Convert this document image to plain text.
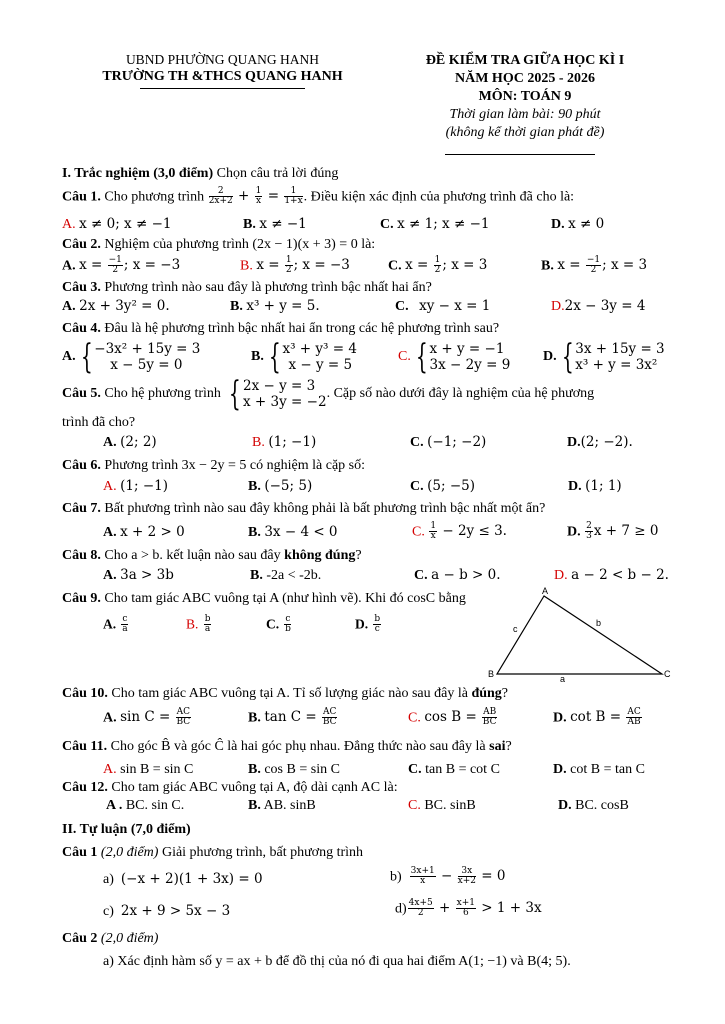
UBND PHƯỜNG QUANG HANH
TRƯỜNG TH &THCS QUANG HANH
ĐỀ KIỂM TRA GIỮA HỌC KÌ I
NĂM HỌC 2025 - 2026
MÔN: TOÁN 9
Thời gian làm bài: 90 phút
(không kể thời gian phát đề)
I. Trắc nghiệm (3,0 điểm) Chọn câu trả lời đúng
Câu 1. Cho phương trình $\frac{2}{2x+2} + \frac{1}{x} = \frac{1}{1+x}$ . Điều kiện xác định của phương trình đã cho là:
A. x ≠ 0; x ≠ −1	B. x ≠ −1	C. x ≠ 1; x ≠ −1	D. x ≠ 0
Câu 2. Nghiệm của phương trình (2x − 1)(x + 3) = 0 là:
A. $x = \frac{-1}{2}$ ; x = −3	B. $x = \frac{1}{2}$ ; x = −3	C. $x = \frac{1}{2}$ ; x = 3	B. $x = \frac{-1}{2}$ ; x = 3
Câu 3. Phương trình nào sau đây là phương trình bậc nhất hai ẩn?
A. 2x + 3y² = 0.	B. x³ + y = 5.	C. xy − x = 1	D.2x − 3y = 4
Câu 4. Đâu là hệ phương trình bậc nhất hai ẩn trong các hệ phương trình sau?
A. { −3x² + 15y = 3
x − 5y = 0
B. { x³ + y³ = 4
x − y = 5
C. { x + y = −1
3x − 2y = 9
D. { 3x + 15y = 3
x³ + y = 3x²
Câu 5. Cho hệ phương trình { 2x − y = 3
x + 3y = −2
. Cặp số nào dưới đây là nghiệm của hệ phương
trình đã cho?
A. (2; 2)	B. (1; −1)	C. (−1; −2)	D.(2; −2).
Câu 6. Phương trình 3x − 2y = 5 có nghiệm là cặp số:
A. (1; −1)	B. (−5; 5)	C. (5; −5)	D. (1; 1)
Câu 7. Bất phương trình nào sau đây không phải là bất phương trình bậc nhất một ẩn?
A. x + 2 > 0	B. 3x − 4 < 0	C. $\frac{1}{x} - 2y \le 3$.	D. $\frac{2}{3}$ x + 7 ≥ 0
Câu 8. Cho a > b. kết luận nào sau đây không đúng?
A. 3a > 3b	B. -2a < -2b.	C. a − b > 0.	D. a − 2 < b − 2.
Câu 9. Cho tam giác ABC vuông tại A (như hình vẽ). Khi đó cosC bằng
A. $\frac{c}{a}$	B. $\frac{b}{a}$	C. $\frac{c}{b}$	D. $\frac{b}{c}$
A
B	C
c
b
a
Câu 10. Cho tam giác ABC vuông tại A. Tỉ số lượng giác nào sau đây là đúng?
A. $\sin C = \frac{AC}{BC}$	B. $\tan C = \frac{AC}{BC}$	C. $\cos B = \frac{AB}{BC}$	D. $\cot B = \frac{AC}{AB}$
Câu 11. Cho góc B̂ và góc Ĉ là hai góc phụ nhau. Đẳng thức nào sau đây là sai?
A. sin B = sin C	B. cos B = sin C	C. tan B = cot C	D. cot B = tan C
Câu 12. Cho tam giác ABC vuông tại A, độ dài cạnh AC là:
A . BC. sin C.	B. AB. sinB	C. BC. sinB	D. BC. cosB
II. Tự luận (7,0 điểm)
Câu 1 (2,0 điểm) Giải phương trình, bất phương trình
a) (−x + 2)(1 + 3x) = 0	$b) \frac{3x+1}{x} - \frac{3x}{x+2} = 0$
c) 2x + 9 > 5x − 3	$d) \frac{4x+5}{2} + \frac{x+1}{6} > 1 + 3x$
Câu 2 (2,0 điểm)
a) Xác định hàm số y = ax + b để đồ thị của nó đi qua hai điểm A(1; −1) và B(4; 5).
